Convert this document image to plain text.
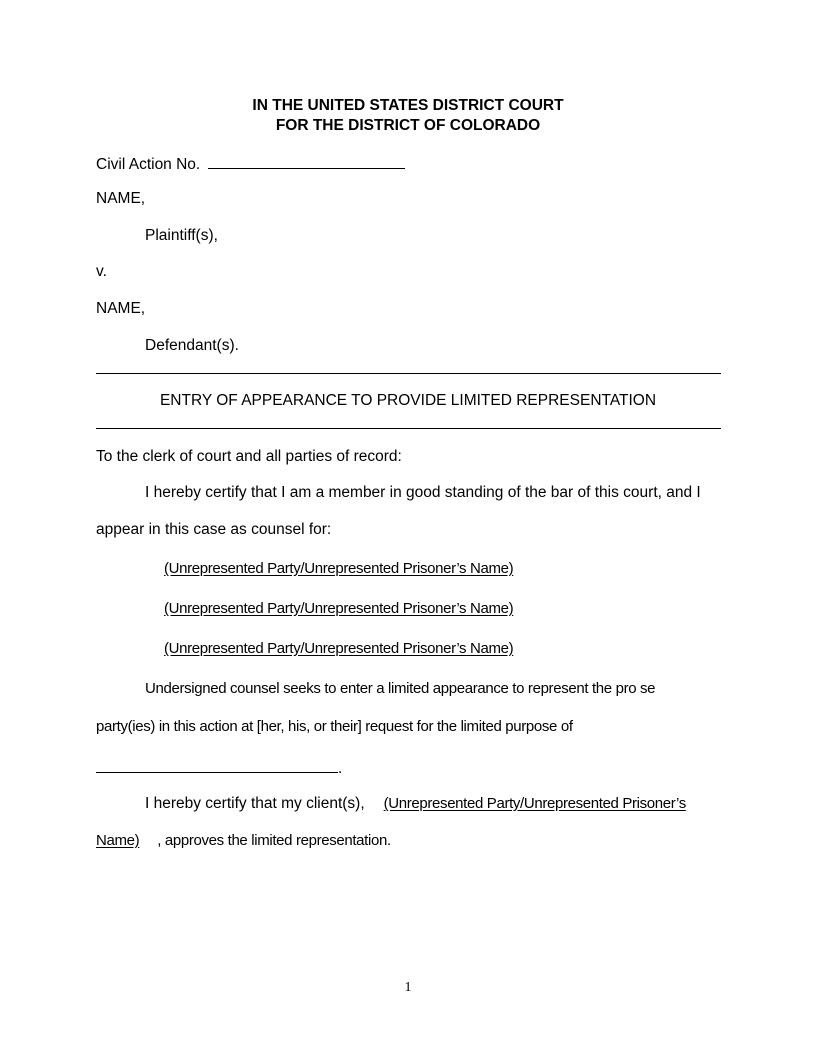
IN THE UNITED STATES DISTRICT COURT
FOR THE DISTRICT OF COLORADO
Civil Action No.
NAME,
Plaintiff(s),
v.
NAME,
Defendant(s).
ENTRY OF APPEARANCE TO PROVIDE LIMITED REPRESENTATION
To the clerk of court and all parties of record:
I hereby certify that I am a member in good standing of the bar of this court, and I
appear in this case as counsel for:
(Unrepresented Party/Unrepresented Prisoner’s Name)
(Unrepresented Party/Unrepresented Prisoner’s Name)
(Unrepresented Party/Unrepresented Prisoner’s Name)
Undersigned counsel seeks to enter a limited appearance to represent the pro se
party(ies) in this action at [her, his, or their] request for the limited purpose of
.
I hereby certify that my client(s), (Unrepresented Party/Unrepresented Prisoner’s
Name) , approves the limited representation.
1
